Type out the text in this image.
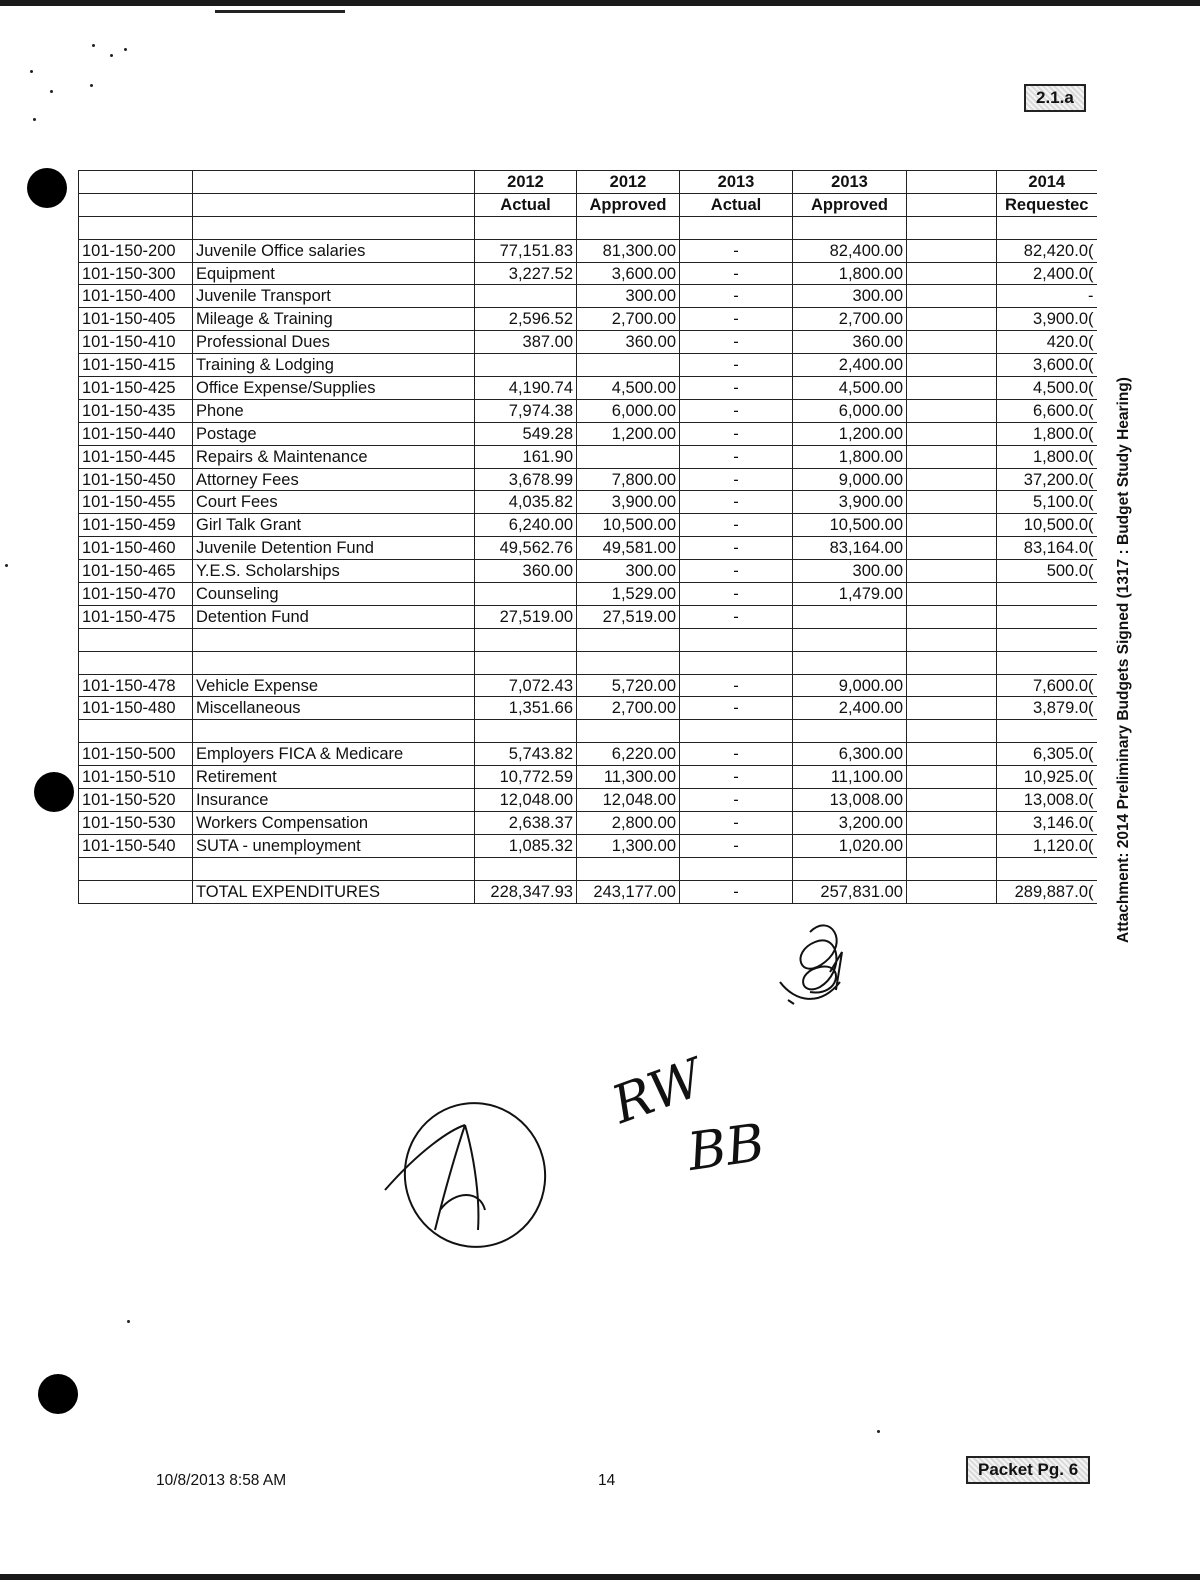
2.1.a
Attachment: 2014 Preliminary Budgets Signed (1317 : Budget Study Hearing)
		2012	2012	2013	2013		2014
		Actual	Approved	Actual	Approved		Requestec

101-150-200	Juvenile Office salaries	77,151.83	81,300.00	-	82,400.00		82,420.0(
101-150-300	Equipment	3,227.52	3,600.00	-	1,800.00		2,400.0(
101-150-400	Juvenile Transport		300.00	-	300.00		-
101-150-405	Mileage & Training	2,596.52	2,700.00	-	2,700.00		3,900.0(
101-150-410	Professional Dues	387.00	360.00	-	360.00		420.0(
101-150-415	Training & Lodging			-	2,400.00		3,600.0(
101-150-425	Office Expense/Supplies	4,190.74	4,500.00	-	4,500.00		4,500.0(
101-150-435	Phone	7,974.38	6,000.00	-	6,000.00		6,600.0(
101-150-440	Postage	549.28	1,200.00	-	1,200.00		1,800.0(
101-150-445	Repairs & Maintenance	161.90		-	1,800.00		1,800.0(
101-150-450	Attorney Fees	3,678.99	7,800.00	-	9,000.00		37,200.0(
101-150-455	Court Fees	4,035.82	3,900.00	-	3,900.00		5,100.0(
101-150-459	Girl Talk Grant	6,240.00	10,500.00	-	10,500.00		10,500.0(
101-150-460	Juvenile Detention Fund	49,562.76	49,581.00	-	83,164.00		83,164.0(
101-150-465	Y.E.S. Scholarships	360.00	300.00	-	300.00		500.0(
101-150-470	Counseling		1,529.00	-	1,479.00		
101-150-475	Detention Fund	27,519.00	27,519.00	-			

101-150-478	Vehicle Expense	7,072.43	5,720.00	-	9,000.00		7,600.0(
101-150-480	Miscellaneous	1,351.66	2,700.00	-	2,400.00		3,879.0(

101-150-500	Employers FICA & Medicare	5,743.82	6,220.00	-	6,300.00		6,305.0(
101-150-510	Retirement	10,772.59	11,300.00	-	11,100.00		10,925.0(
101-150-520	Insurance	12,048.00	12,048.00	-	13,008.00		13,008.0(
101-150-530	Workers Compensation	2,638.37	2,800.00	-	3,200.00		3,146.0(
101-150-540	SUTA - unemployment	1,085.32	1,300.00	-	1,020.00		1,120.0(

	TOTAL EXPENDITURES	228,347.93	243,177.00	-	257,831.00		289,887.0(
RW
BB
10/8/2013 8:58 AM	14
Packet Pg. 6
